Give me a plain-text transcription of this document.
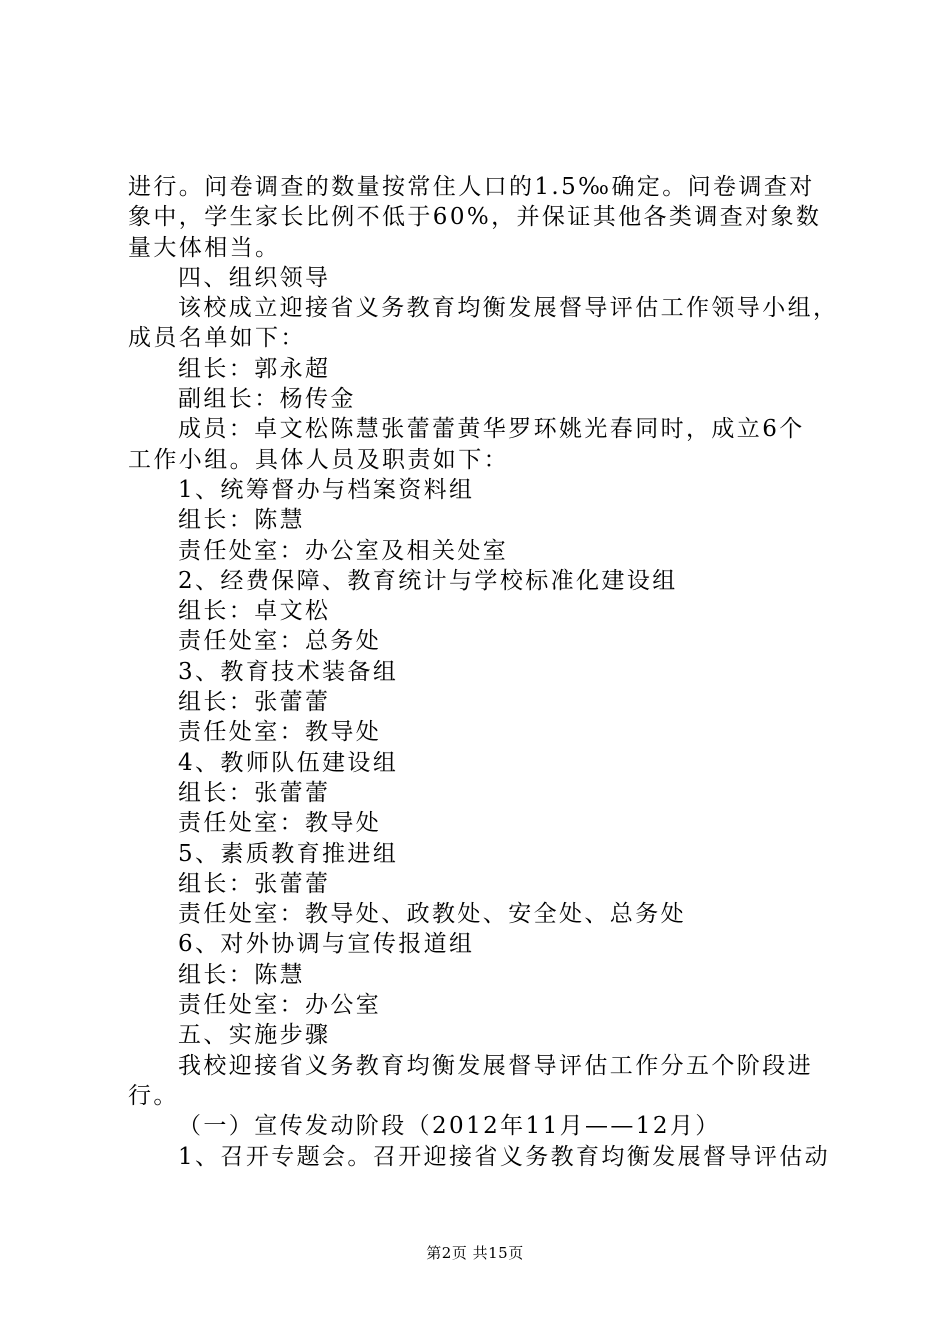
进行。问卷调查的数量按常住人口的1.5‰确定。问卷调查对
象中，学生家长比例不低于60%，并保证其他各类调查对象数
量大体相当。
四、组织领导
该校成立迎接省义务教育均衡发展督导评估工作领导小组，
成员名单如下：
组长：郭永超
副组长：杨传金
成员：卓文松陈慧张蕾蕾黄华罗环姚光春同时，成立6个
工作小组。具体人员及职责如下：
1、统筹督办与档案资料组
组长：陈慧
责任处室：办公室及相关处室
2、经费保障、教育统计与学校标准化建设组
组长：卓文松
责任处室：总务处
3、教育技术装备组
组长：张蕾蕾
责任处室：教导处
4、教师队伍建设组
组长：张蕾蕾
责任处室：教导处
5、素质教育推进组
组长：张蕾蕾
责任处室：教导处、政教处、安全处、总务处
6、对外协调与宣传报道组
组长：陈慧
责任处室：办公室
五、实施步骤
我校迎接省义务教育均衡发展督导评估工作分五个阶段进
行。
（一）宣传发动阶段（2012年11月——12月）
1、召开专题会。召开迎接省义务教育均衡发展督导评估动
第2页 共15页
